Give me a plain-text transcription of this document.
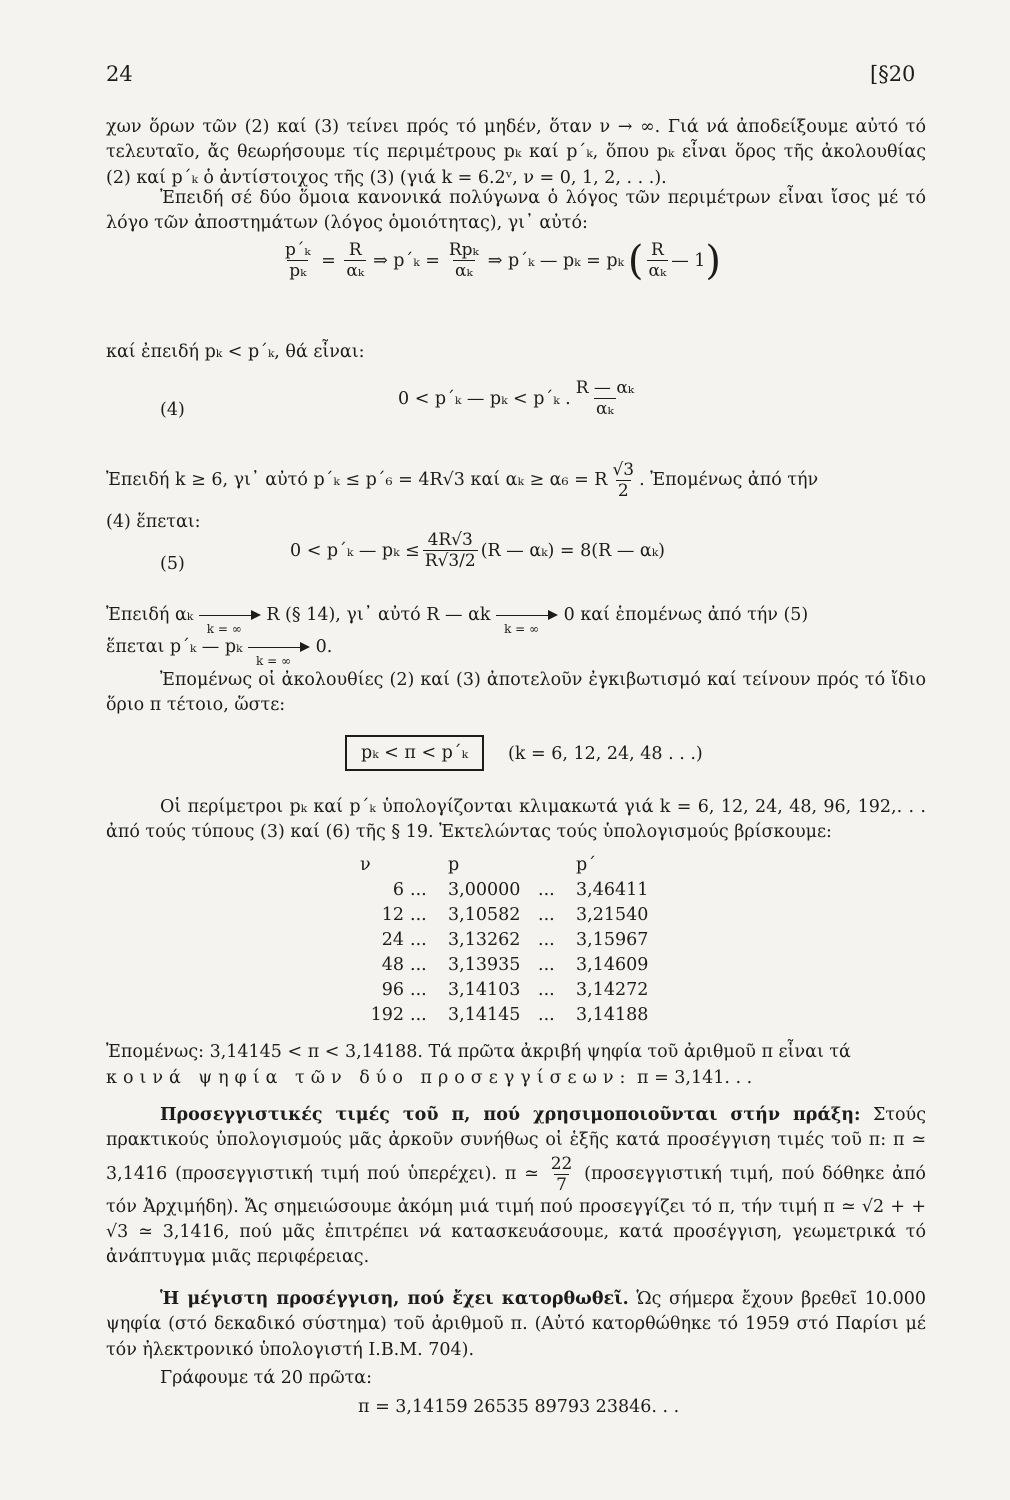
24	[§20
χων ὅρων τῶν (2) καί (3) τείνει πρός τό μηδέν, ὅταν ν → ∞. Γιά νά ἀποδείξουμε αὐτό τό τελευταῖο, ἄς θεωρήσουμε τίς περιμέτρους pₖ καί p΄ₖ, ὅπου pₖ εἶναι ὅρος τῆς ἀκολουθίας (2) καί p΄ₖ ὁ ἀντίστοιχος τῆς (3) (γιά k = 6.2ᵛ, ν = 0, 1, 2, . . .).
Ἐπειδή σέ δύο ὅμοια κανονικά πολύγωνα ὁ λόγος τῶν περιμέτρων εἶναι ἴσος μέ τό λόγο τῶν ἀποστημάτων (λόγος ὁμοιότητας), γι᾿ αὐτό:
$\frac{\text{p΄ₖ}}{\text{pₖ}} = \frac{R}{\text{αₖ}}$ ⇒ $p΄_k = \frac{\text{Rpₖ}}{\text{αₖ}}$ ⇒ p΄ₖ — pₖ = pₖ ( $\frac{R}{\text{αₖ}}$ — 1 )
καί ἐπειδή pₖ < p΄ₖ, θά εἶναι:
(4)
0 < p΄ₖ — pₖ < p΄ₖ . $\frac{\text{R — αₖ}}{\text{αₖ}}$
Ἐπειδή k ≥ 6, γι᾿ αὐτό p΄ₖ ≤ p΄₆ = 4R√3 καί αₖ ≥ α₆ = R $\frac{√3}{2}$ . Ἐπομένως ἀπό τήν
(4) ἕπεται:
(5)
0 < p΄ₖ — $p_k \le \frac{4R√3}{R√3/2} (R$ — αₖ) = 8(R — αₖ)
Ἐπειδή αₖ
k = ∞
R (§ 14), γι᾿ αὐτό R — αk
k = ∞
0 καί ἑπομένως ἀπό τήν (5)
ἕπεται p΄ₖ — pₖ
k = ∞
0.
Ἐπομένως οἱ ἀκολουθίες (2) καί (3) ἀποτελοῦν ἐγκιβωτισμό καί τείνουν πρός τό ἴδιο ὅριο π τέτοιο, ὥστε:
pₖ < π < p΄ₖ	(k = 6, 12, 24, 48 . . .)
Οἱ περίμετροι pₖ καί p΄ₖ ὑπολογίζονται κλιμακωτά γιά k = 6, 12, 24, 48, 96, 192,. . . ἀπό τούς τύπους (3) καί (6) τῆς § 19. Ἐκτελώντας τούς ὑπολογισμούς βρίσκουμε:
ν		p		p΄
6	...	3,00000	...	3,46411
12	...	3,10582	...	3,21540
24	...	3,13262	...	3,15967
48	...	3,13935	...	3,14609
96	...	3,14103	...	3,14272
192	...	3,14145	...	3,14188
Ἐπομένως: 3,14145 < π < 3,14188. Τά πρῶτα ἀκριβή ψηφία τοῦ ἀριθμοῦ π εἶναι τά
κοινά ψηφία τῶν δύο προσεγγίσεων: π = 3,141. . .
Προσεγγιστικές τιμές τοῦ π, πού χρησιμοποιοῦνται στήν πράξη: Στούς πρακτικούς ὑπολογισμούς μᾶς ἀρκοῦν συνήθως οἱ ἑξῆς κατά προσέγγιση τιμές τοῦ π: π ≃ 3,1416 (προσεγγιστική τιμή πού ὑπερέχει). π ≃ $\frac{22}{7} (\pi\rho o\sigma\varepsilon\gamma\gamma\iota\sigma\tau\iota\kappa ή$ τιμή, πού δόθηκε ἀπό τόν Ἀρχιμήδη). Ἄς σημειώσουμε ἀκόμη μιά τιμή πού προσεγγίζει τό π, τήν τιμή π ≃ √2 + + √3 ≃ 3,1416, πού μᾶς ἐπιτρέπει νά κατασκευάσουμε, κατά προσέγγιση, γεωμετρικά τό ἀνάπτυγμα μιᾶς περιφέρειας.
Ἡ μέγιστη προσέγγιση, πού ἔχει κατορθωθεῖ. Ὡς σήμερα ἔχουν βρεθεῖ 10.000 ψηφία (στό δεκαδικό σύστημα) τοῦ ἀριθμοῦ π. (Αὐτό κατορθώθηκε τό 1959 στό Παρίσι μέ τόν ἠλεκτρονικό ὑπολογιστή I.B.M. 704).
Γράφουμε τά 20 πρῶτα:
π = 3,14159 26535 89793 23846. . .
